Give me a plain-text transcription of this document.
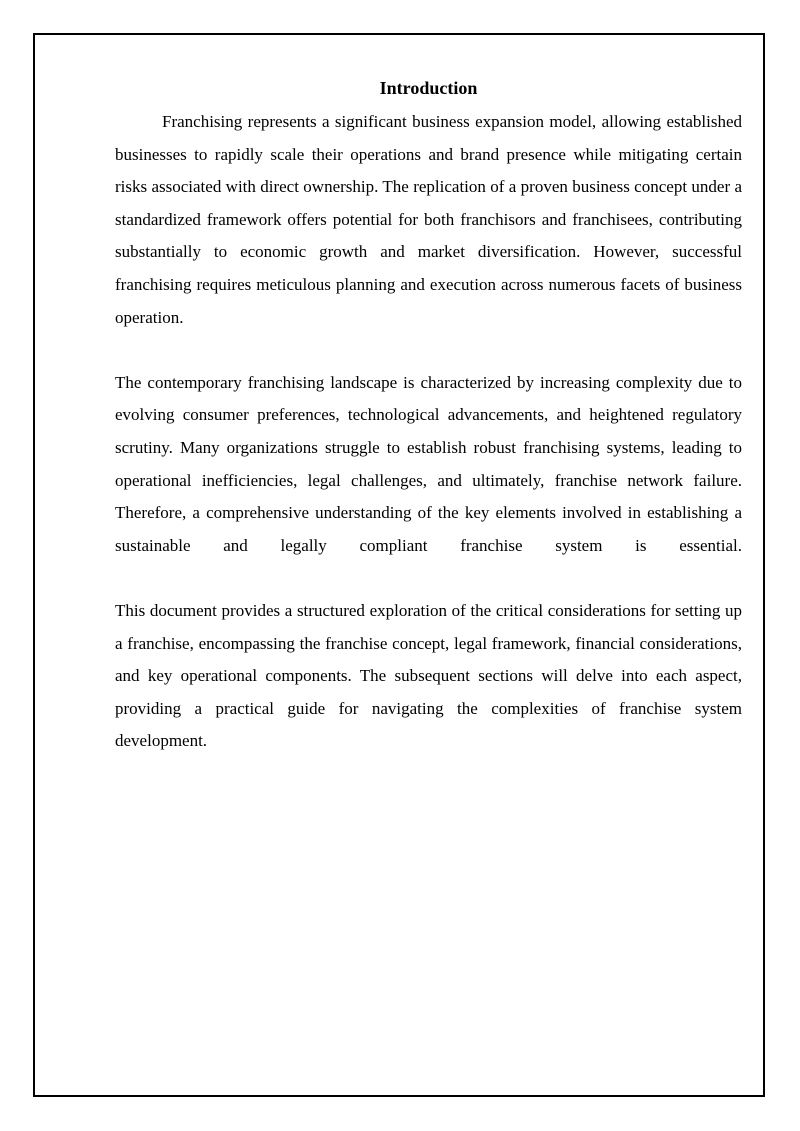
Introduction

Franchising represents a significant business expansion model, allowing established businesses to rapidly scale their operations and brand presence while mitigating certain risks associated with direct ownership. The replication of a proven business concept under a standardized framework offers potential for both franchisors and franchisees, contributing substantially to economic growth and market diversification. However, successful franchising requires meticulous planning and execution across numerous facets of business operation.

The contemporary franchising landscape is characterized by increasing complexity due to evolving consumer preferences, technological advancements, and heightened regulatory scrutiny. Many organizations struggle to establish robust franchising systems, leading to operational inefficiencies, legal challenges, and ultimately, franchise network failure. Therefore, a comprehensive understanding of the key elements involved in establishing a sustainable and legally compliant franchise system is essential.

This document provides a structured exploration of the critical considerations for setting up a franchise, encompassing the franchise concept, legal framework, financial considerations, and key operational components. The subsequent sections will delve into each aspect, providing a practical guide for navigating the complexities of franchise system development.
